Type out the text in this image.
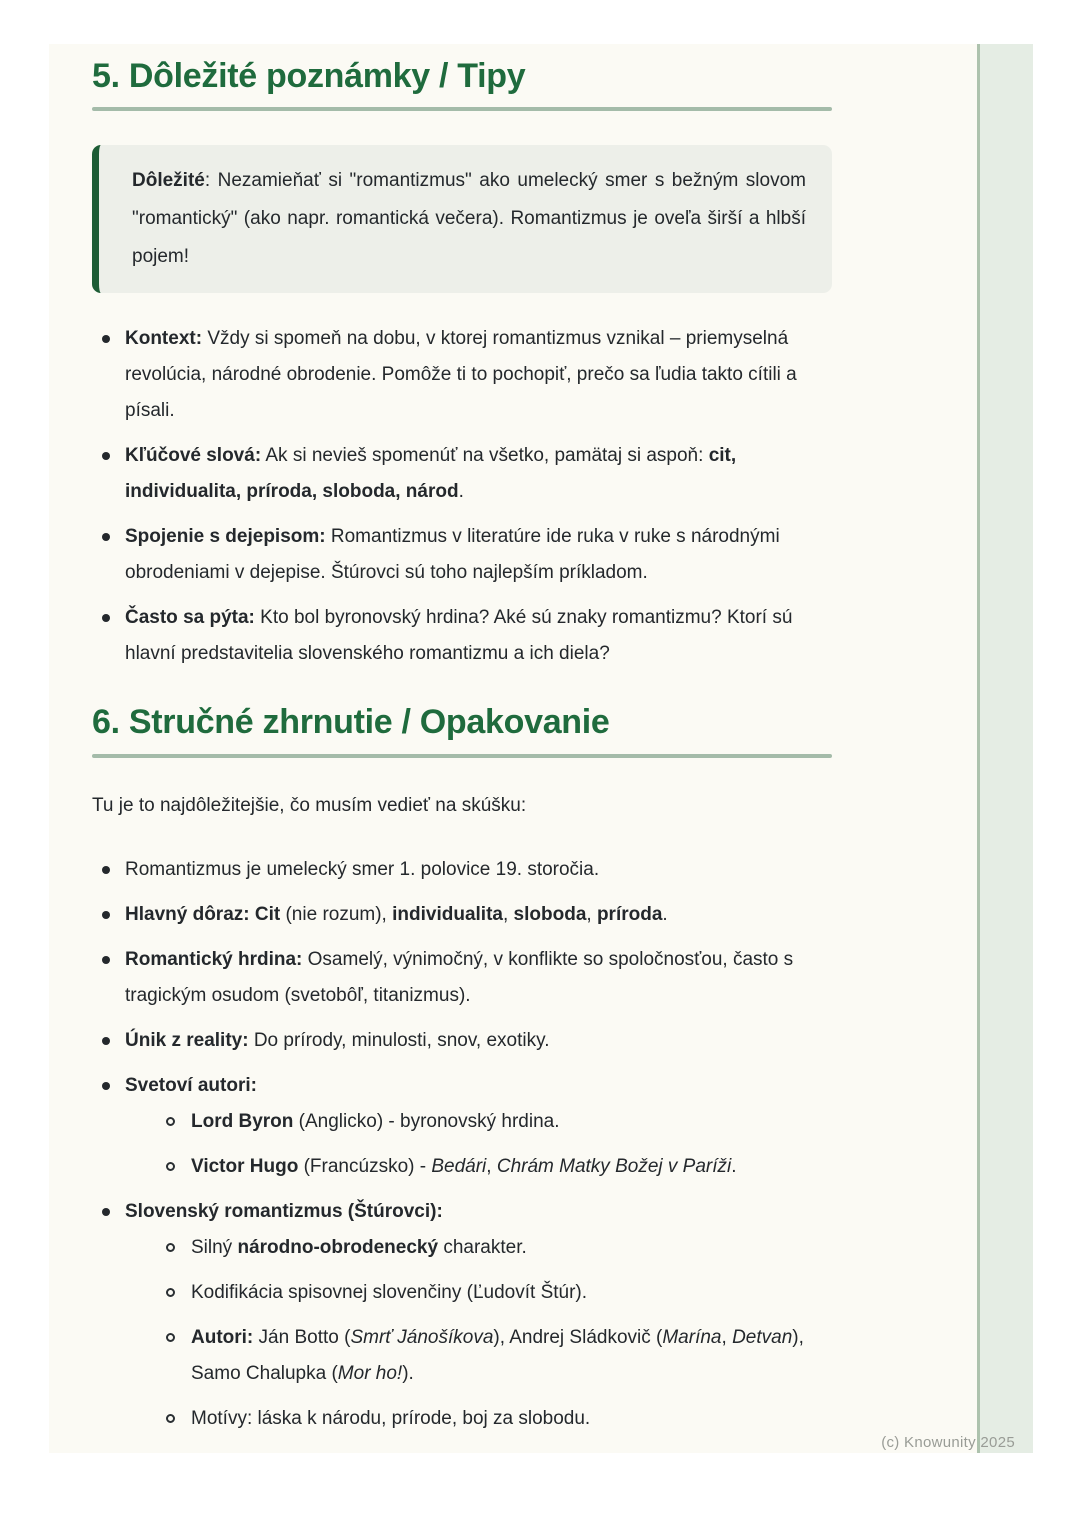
5. Dôležité poznámky / Tipy
Dôležité: Nezamieňať si "romantizmus" ako umelecký smer s bežným slovom "romantický" (ako napr. romantická večera). Romantizmus je oveľa širší a hlbší pojem!
Kontext: Vždy si spomeň na dobu, v ktorej romantizmus vznikal – priemyselná revolúcia, národné obrodenie. Pomôže ti to pochopiť, prečo sa ľudia takto cítili a písali.
Kľúčové slová: Ak si nevieš spomenúť na všetko, pamätaj si aspoň: cit, individualita, príroda, sloboda, národ.
Spojenie s dejepisom: Romantizmus v literatúre ide ruka v ruke s národnými obrodeniami v dejepise. Štúrovci sú toho najlepším príkladom.
Často sa pýta: Kto bol byronovský hrdina? Aké sú znaky romantizmu? Ktorí sú hlavní predstavitelia slovenského romantizmu a ich diela?
6. Stručné zhrnutie / Opakovanie

Tu je to najdôležitejšie, čo musím vedieť na skúšku:

Romantizmus je umelecký smer 1. polovice 19. storočia.
Hlavný dôraz: Cit (nie rozum), individualita, sloboda, príroda.
Romantický hrdina: Osamelý, výnimočný, v konflikte so spoločnosťou, často s tragickým osudom (svetobôľ, titanizmus).
Únik z reality: Do prírody, minulosti, snov, exotiky.
Svetoví autori:
Lord Byron (Anglicko) - byronovský hrdina.
Victor Hugo (Francúzsko) - Bedári, Chrám Matky Božej v Paríži.
Slovenský romantizmus (Štúrovci):
Silný národno-obrodenecký charakter.
Kodifikácia spisovnej slovenčiny (Ľudovít Štúr).
Autori: Ján Botto (Smrť Jánošíkova), Andrej Sládkovič (Marína, Detvan), Samo Chalupka (Mor ho!).
Motívy: láska k národu, prírode, boj za slobodu.
(c) Knowunity 2025
